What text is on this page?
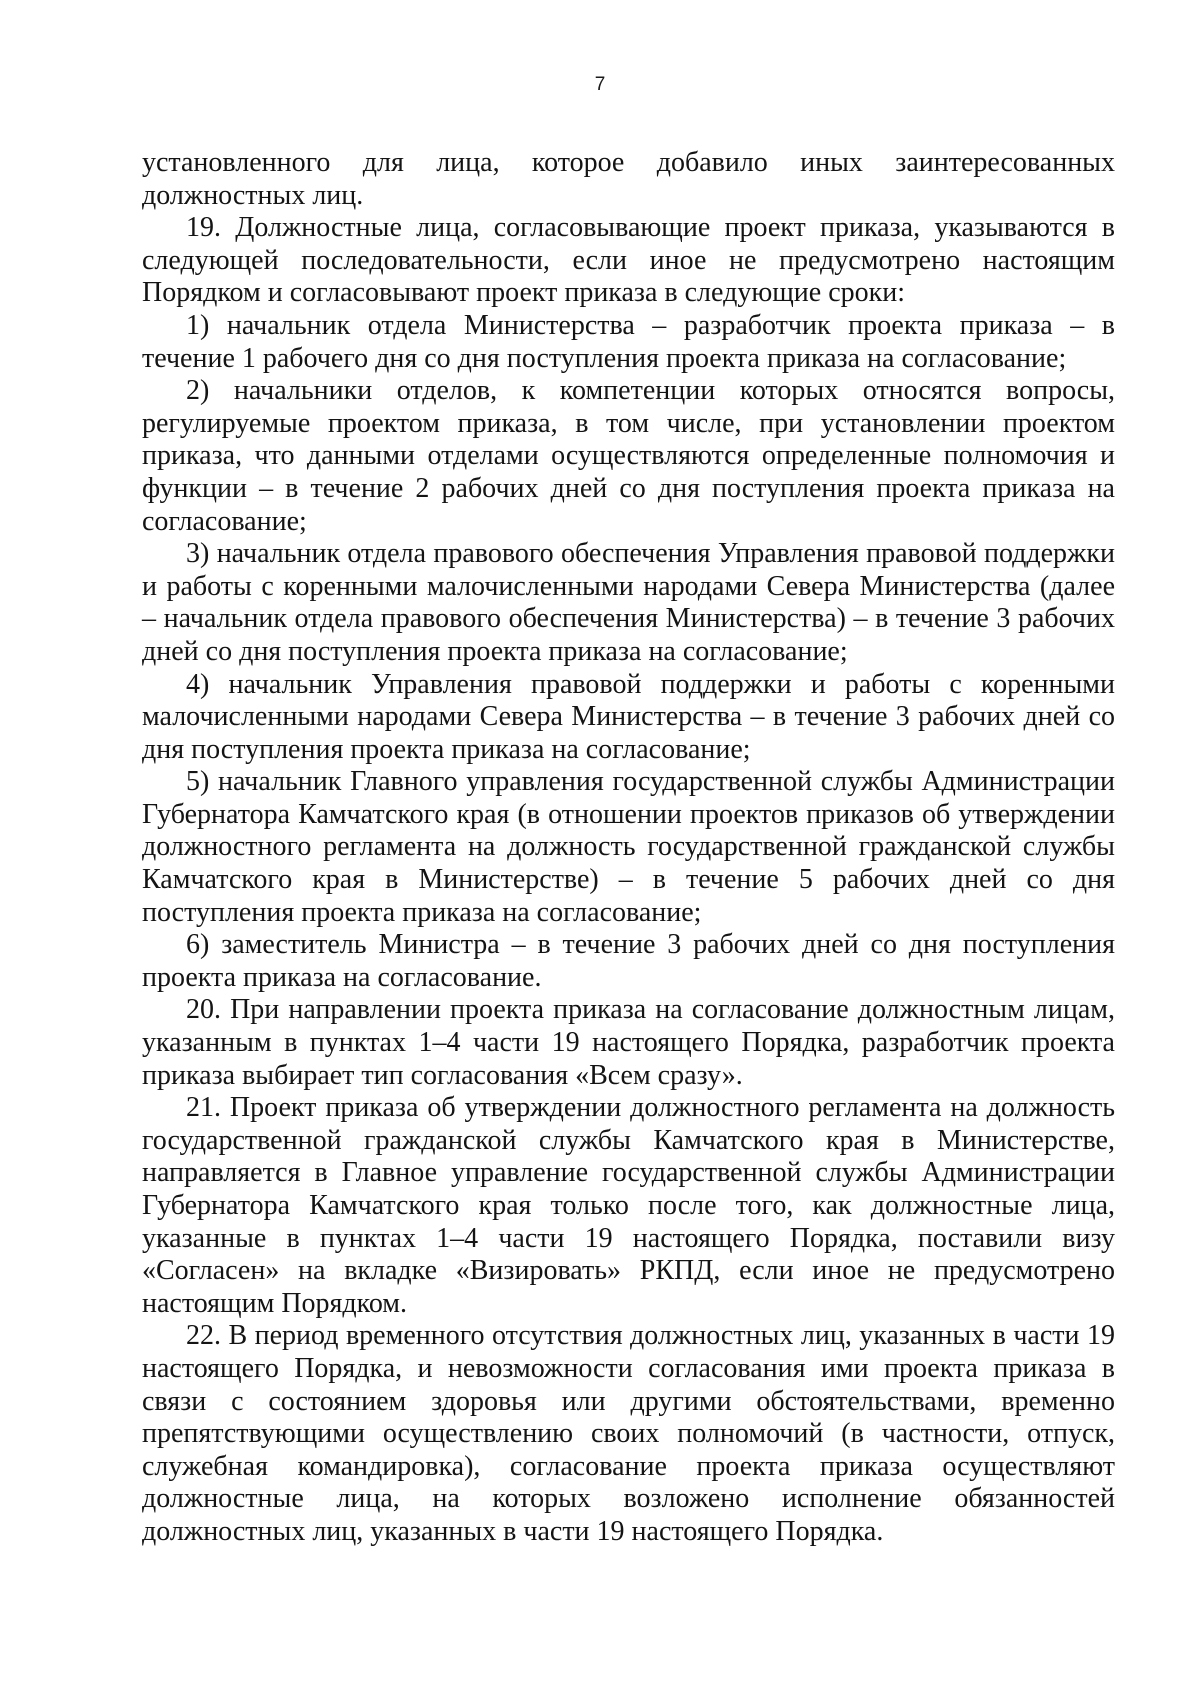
7

установленного для лица, которое добавило иных заинтересованных должностных лиц.

19. Должностные лица, согласовывающие проект приказа, указываются в следующей последовательности, если иное не предусмотрено настоящим Порядком и согласовывают проект приказа в следующие сроки:

1) начальник отдела Министерства – разработчик проекта приказа – в течение 1 рабочего дня со дня поступления проекта приказа на согласование;

2) начальники отделов, к компетенции которых относятся вопросы, регулируемые проектом приказа, в том числе, при установлении проектом приказа, что данными отделами осуществляются определенные полномочия и функции – в течение 2 рабочих дней со дня поступления проекта приказа на согласование;

3) начальник отдела правового обеспечения Управления правовой поддержки и работы с коренными малочисленными народами Севера Министерства (далее – начальник отдела правового обеспечения Министерства) – в течение 3 рабочих дней со дня поступления проекта приказа на согласование;

4) начальник Управления правовой поддержки и работы с коренными малочисленными народами Севера Министерства – в течение 3 рабочих дней со дня поступления проекта приказа на согласование;

5) начальник Главного управления государственной службы Администрации Губернатора Камчатского края (в отношении проектов приказов об утверждении должностного регламента на должность государственной гражданской службы Камчатского края в Министерстве) – в течение 5 рабочих дней со дня поступления проекта приказа на согласование;

6) заместитель Министра – в течение 3 рабочих дней со дня поступления проекта приказа на согласование.

20. При направлении проекта приказа на согласование должностным лицам, указанным в пунктах 1–4 части 19 настоящего Порядка, разработчик проекта приказа выбирает тип согласования «Всем сразу».

21. Проект приказа об утверждении должностного регламента на должность государственной гражданской службы Камчатского края в Министерстве, направляется в Главное управление государственной службы Администрации Губернатора Камчатского края только после того, как должностные лица, указанные в пунктах 1–4 части 19 настоящего Порядка, поставили визу «Согласен» на вкладке «Визировать» РКПД, если иное не предусмотрено настоящим Порядком.

22. В период временного отсутствия должностных лиц, указанных в части 19 настоящего Порядка, и невозможности согласования ими проекта приказа в связи с состоянием здоровья или другими обстоятельствами, временно препятствующими осуществлению своих полномочий (в частности, отпуск, служебная командировка), согласование проекта приказа осуществляют должностные лица, на которых возложено исполнение обязанностей должностных лиц, указанных в части 19 настоящего Порядка.
